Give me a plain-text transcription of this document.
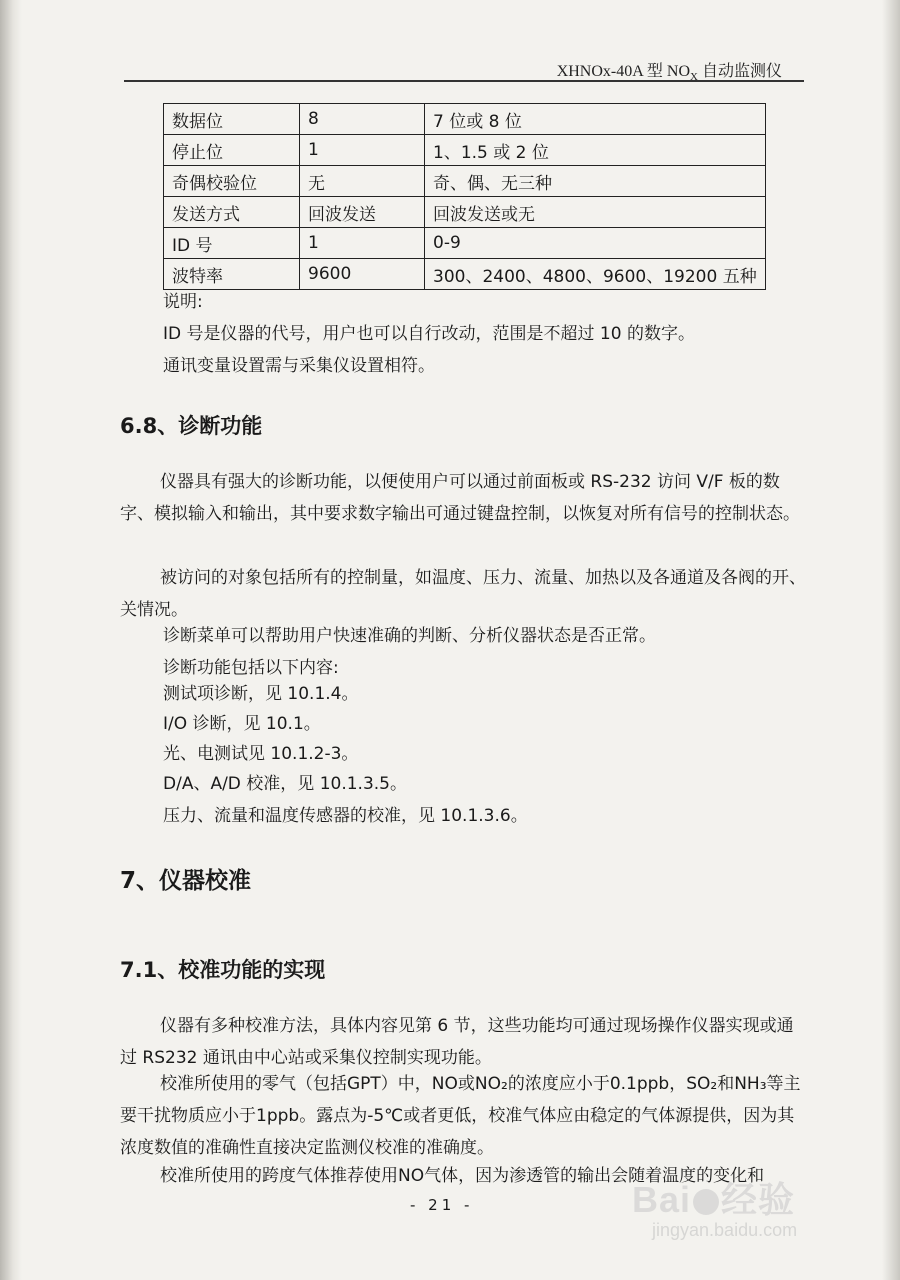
XHNOx-40A 型 $NO_X$ 自动监测仪
数据位	8	7 位或 8 位
停止位	1	1、1.5 或 2 位
奇偶校验位	无	奇、偶、无三种
发送方式	回波发送	回波发送或无
ID 号	1	0-9
波特率	9600	300、2400、4800、9600、19200 五种

说明:

ID 号是仪器的代号，用户也可以自行改动，范围是不超过 10 的数字。

通讯变量设置需与采集仪设置相符。

6.8、诊断功能

仪器具有强大的诊断功能，以便使用户可以通过前面板或 RS-232 访问 V/F 板的数字、模拟输入和输出，其中要求数字输出可通过键盘控制，以恢复对所有信号的控制状态。

被访问的对象包括所有的控制量，如温度、压力、流量、加热以及各通道及各阀的开、关情况。

诊断菜单可以帮助用户快速准确的判断、分析仪器状态是否正常。

诊断功能包括以下内容:

测试项诊断，见 10.1.4。

I/O 诊断，见 10.1。

光、电测试见 10.1.2-3。

D/A、A/D 校准，见 10.1.3.5。

压力、流量和温度传感器的校准，见 10.1.3.6。

7、仪器校准
7.1、校准功能的实现

仪器有多种校准方法，具体内容见第 6 节，这些功能均可通过现场操作仪器实现或通过 RS232 通讯由中心站或采集仪控制实现功能。

校准所使用的零气（包括GPT）中，NO或NO₂的浓度应小于0.1ppb，SO₂和NH₃等主要干扰物质应小于1ppb。露点为-5℃或者更低，校准气体应由稳定的气体源提供，因为其浓度数值的准确性直接决定监测仪校准的准确度。

校准所使用的跨度气体推荐使用NO气体，因为渗透管的输出会随着温度的变化和

- 21 -	Bai 经验
jingyan.baidu.com
